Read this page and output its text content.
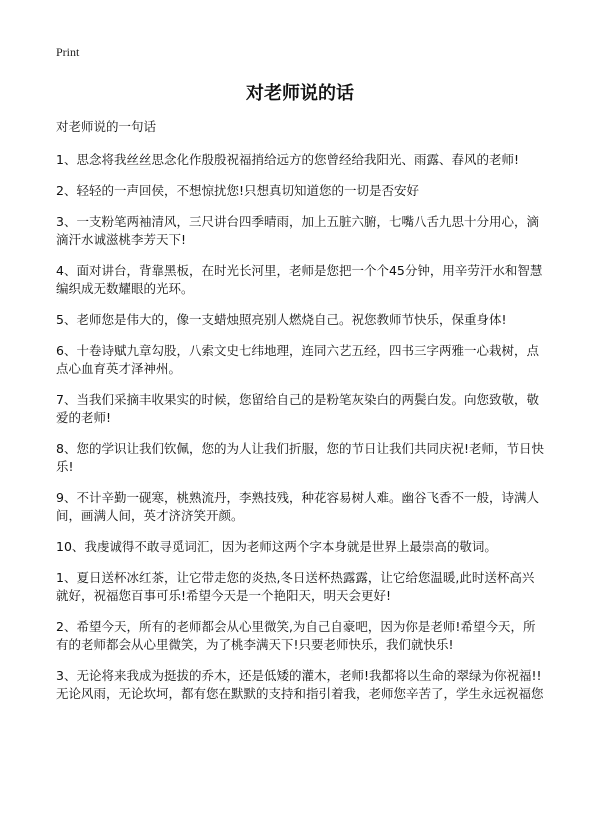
Print

对老师说的话

对老师说的一句话

1、思念将我丝丝思念化作殷殷祝福捎给远方的您曾经给我阳光、雨露、春风的老师!
2、轻轻的一声回侯，不想惊扰您!只想真切知道您的一切是否安好
3、一支粉笔两袖清风，三尺讲台四季晴雨，加上五脏六腑，七嘴八舌九思十分用心，滴滴汗水诚滋桃李芳天下!
4、面对讲台，背靠黑板，在时光长河里，老师是您把一个个45分钟，用辛劳汗水和智慧编织成无数耀眼的光环。
5、老师您是伟大的，像一支蜡烛照亮别人燃烧自己。祝您教师节快乐，保重身体!
6、十卷诗赋九章勾股，八索文史七纬地理，连同六艺五经，四书三字两雅一心栽树，点点心血育英才泽神州。
7、当我们采摘丰收果实的时候，您留给自己的是粉笔灰染白的两鬓白发。向您致敬，敬爱的老师!
8、您的学识让我们钦佩，您的为人让我们折服，您的节日让我们共同庆祝!老师，节日快乐!
9、不计辛勤一砚寒，桃熟流丹，李熟技残，种花容易树人难。幽谷飞香不一般，诗满人间，画满人间，英才济济笑开颜。
10、我虔诚得不敢寻觅词汇，因为老师这两个字本身就是世界上最崇高的敬词。
1、夏日送杯冰红茶，让它带走您的炎热,冬日送杯热露露，让它给您温暖,此时送杯高兴就好，祝福您百事可乐!希望今天是一个艳阳天，明天会更好!
2、希望今天，所有的老师都会从心里微笑,为自己自豪吧，因为你是老师!希望今天，所有的老师都会从心里微笑，为了桃李满天下!只要老师快乐，我们就快乐!
3、无论将来我成为挺拔的乔木，还是低矮的灌木，老师!我都将以生命的翠绿为你祝福!!无论风雨，无论坎坷，都有您在默默的支持和指引着我，老师您辛苦了，学生永远祝福您
